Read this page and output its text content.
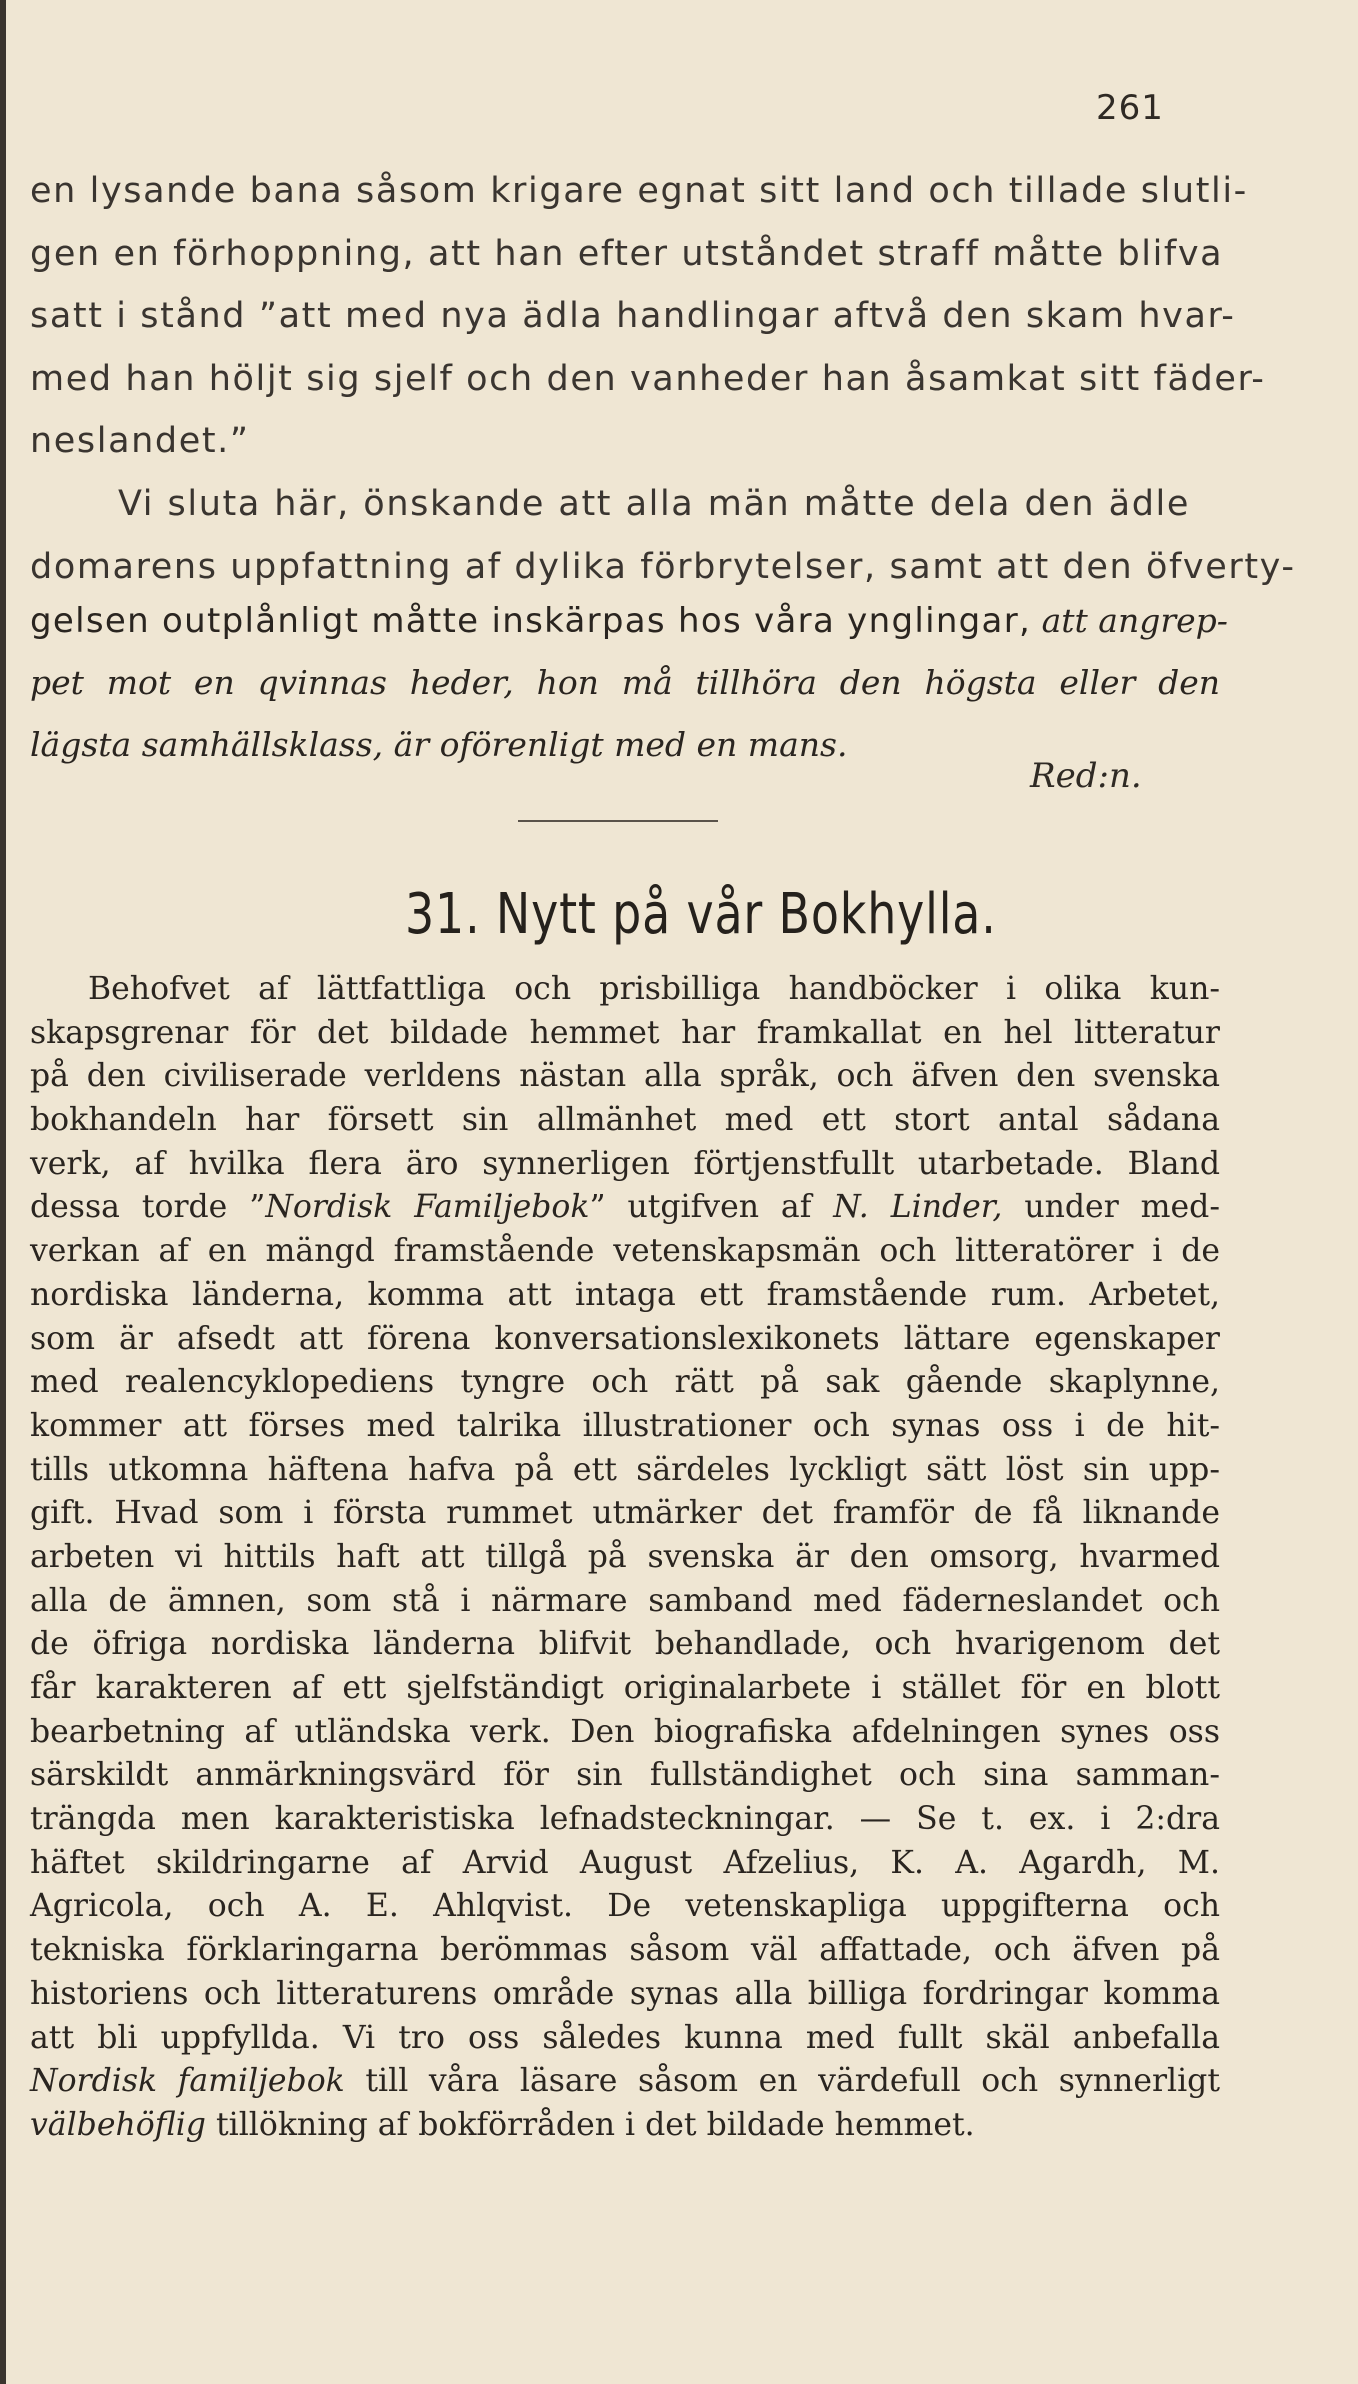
261
en lysande bana såsom krigare egnat sitt land och tillade slutli-
gen en förhoppning, att han efter utståndet straff måtte blifva
satt i stånd ”att med nya ädla handlingar aftvå den skam hvar-
med han höljt sig sjelf och den vanheder han åsamkat sitt fäder-
neslandet.”
Vi sluta här, önskande att alla män måtte dela den ädle
domarens uppfattning af dylika förbrytelser, samt att den öfverty-
gelsen outplånligt måtte inskärpas hos våra ynglingar, att angrep-
pet mot en qvinnas heder, hon må tillhöra den högsta eller den
lägsta samhällsklass, är oförenligt med en mans.
Red:n.
31. Nytt på vår Bokhylla.
Behofvet af lättfattliga och prisbilliga handböcker i olika kun-
skapsgrenar för det bildade hemmet har framkallat en hel litteratur
på den civiliserade verldens nästan alla språk, och äfven den svenska
bokhandeln har försett sin allmänhet med ett stort antal sådana
verk, af hvilka flera äro synnerligen förtjenstfullt utarbetade. Bland
dessa torde ”Nordisk Familjebok” utgifven af N. Linder, under med-
verkan af en mängd framstående vetenskapsmän och litteratörer i de
nordiska länderna, komma att intaga ett framstående rum. Arbetet,
som är afsedt att förena konversationslexikonets lättare egenskaper
med realencyklopediens tyngre och rätt på sak gående skaplynne,
kommer att förses med talrika illustrationer och synas oss i de hit-
tills utkomna häftena hafva på ett särdeles lyckligt sätt löst sin upp-
gift. Hvad som i första rummet utmärker det framför de få liknande
arbeten vi hittils haft att tillgå på svenska är den omsorg, hvarmed
alla de ämnen, som stå i närmare samband med fäderneslandet och
de öfriga nordiska länderna blifvit behandlade, och hvarigenom det
får karakteren af ett sjelfständigt originalarbete i stället för en blott
bearbetning af utländska verk. Den biografiska afdelningen synes oss
särskildt anmärkningsvärd för sin fullständighet och sina samman-
trängda men karakteristiska lefnadsteckningar. — Se t. ex. i 2:dra
häftet skildringarne af Arvid August Afzelius, K. A. Agardh, M.
Agricola, och A. E. Ahlqvist. De vetenskapliga uppgifterna och
tekniska förklaringarna berömmas såsom väl affattade, och äfven på
historiens och litteraturens område synas alla billiga fordringar komma
att bli uppfyllda. Vi tro oss således kunna med fullt skäl anbefalla
Nordisk familjebok till våra läsare såsom en värdefull och synnerligt
välbehöflig tillökning af bokförråden i det bildade hemmet.
